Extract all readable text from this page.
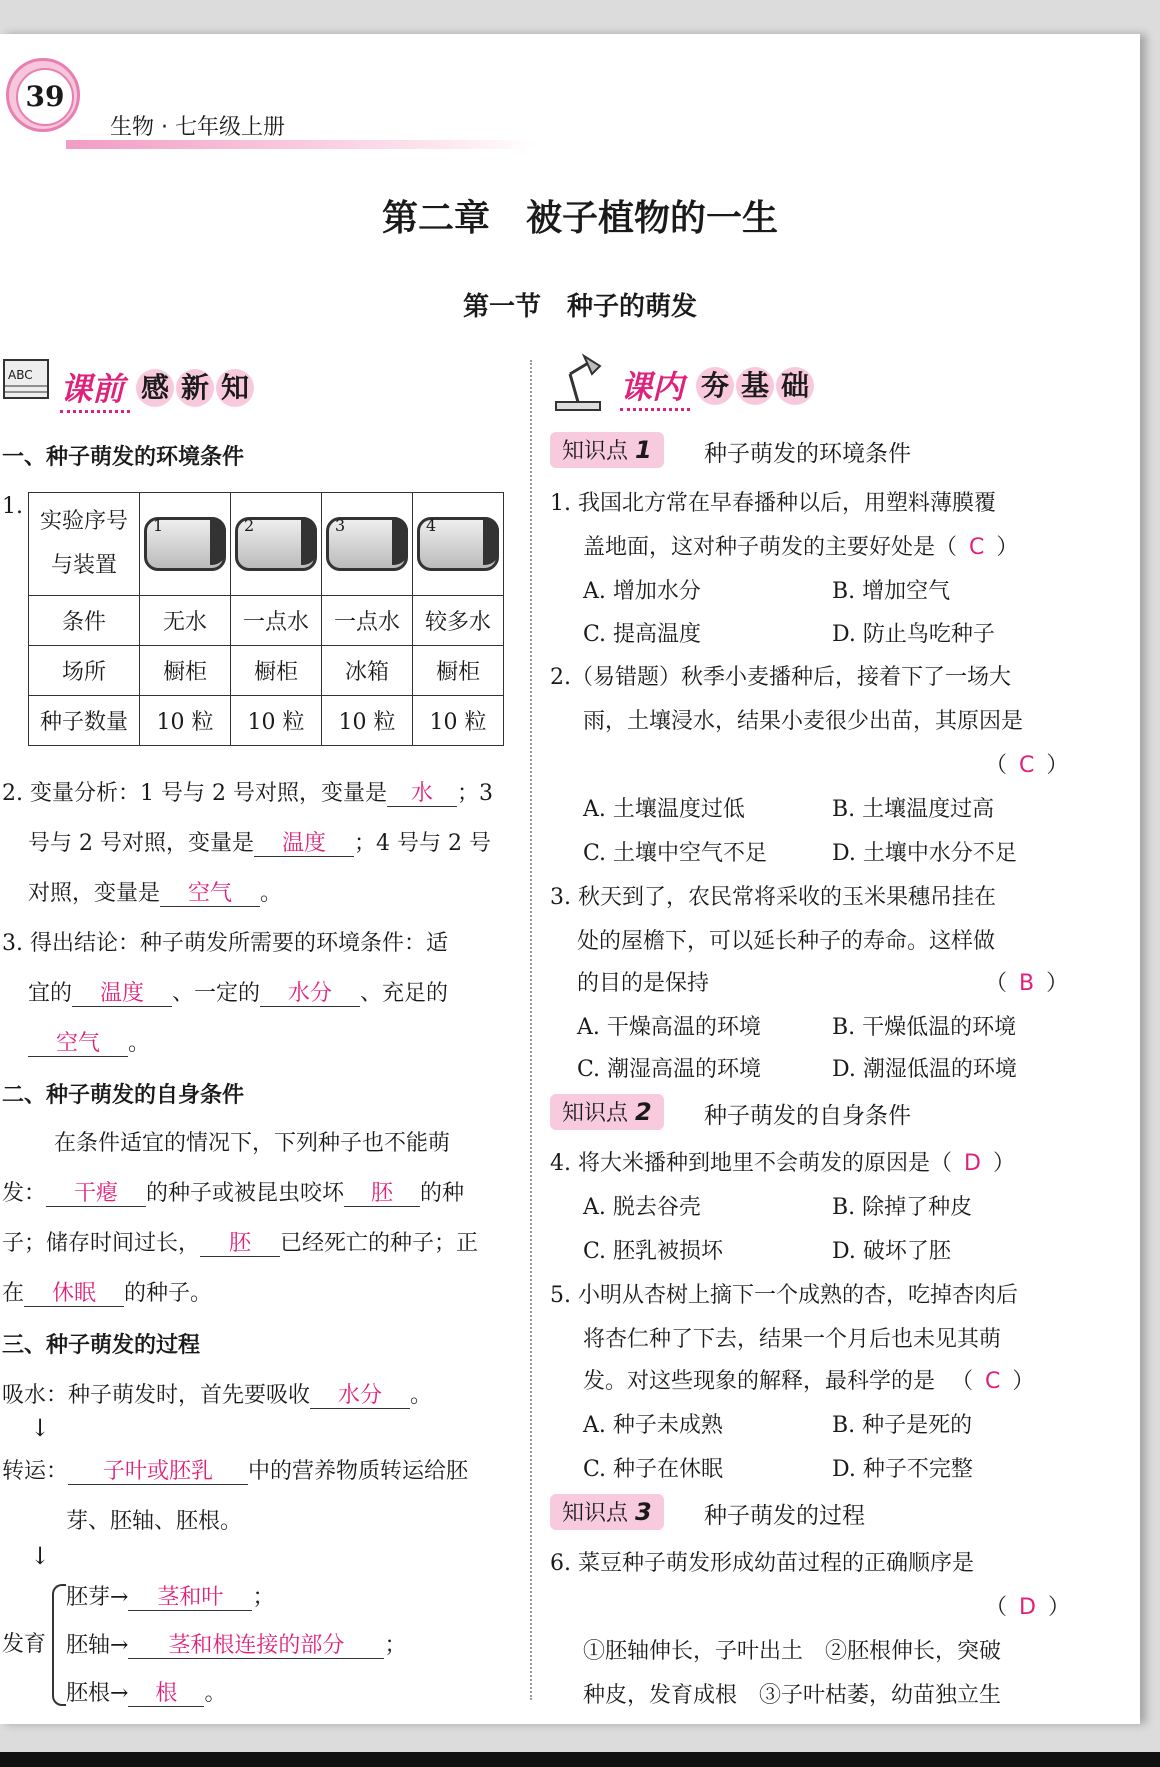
39
生物 · 七年级上册
第二章　被子植物的一生
第一节　种子的萌发
ABC 课前 感 新 知
一、种子萌发的环境条件
1.
实验序号
与装置	1	2	3	4

条件	无水	一点水	一点水	较多水
场所	橱柜	橱柜	冰箱	橱柜
种子数量	10 粒	10 粒	10 粒	10 粒
2. 变量分析：1 号与 2 号对照，变量是 水 ；3
号与 2 号对照，变量是 温度 ；4 号与 2 号
对照，变量是 空气 。
3. 得出结论：种子萌发所需要的环境条件：适
宜的 温度 、一定的 水分 、充足的
空气 。
二、种子萌发的自身条件
在条件适宜的情况下，下列种子也不能萌
发： 干瘪 的种子或被昆虫咬坏 胚 的种
子；储存时间过长， 胚 已经死亡的种子；正
在 休眠 的种子。
三、种子萌发的过程
吸水：种子萌发时，首先要吸收 水分 。
↓
转运： 子叶或胚乳 中的营养物质转运给胚
芽、胚轴、胚根。
↓
发育
胚芽→ 茎和叶 ；
胚轴→ 茎和根连接的部分 ；
胚根→ 根 。
课内 夯 基 础
知识点 1	种子萌发的环境条件
1. 我国北方常在早春播种以后，用塑料薄膜覆
盖地面，这对种子萌发的主要好处是（ C ）
A. 增加水分	B. 增加空气
C. 提高温度	D. 防止鸟吃种子
2.（易错题）秋季小麦播种后，接着下了一场大
雨，土壤浸水，结果小麦很少出苗，其原因是
（ C ）
A. 土壤温度过低	B. 土壤温度过高
C. 土壤中空气不足	D. 土壤中水分不足
3. 秋天到了，农民常将采收的玉米果穗吊挂在
处的屋檐下，可以延长种子的寿命。这样做
的目的是保持	（ B ）
A. 干燥高温的环境	B. 干燥低温的环境
C. 潮湿高温的环境	D. 潮湿低温的环境
知识点 2	种子萌发的自身条件
4. 将大米播种到地里不会萌发的原因是（ D ）
A. 脱去谷壳	B. 除掉了种皮
C. 胚乳被损坏	D. 破坏了胚
5. 小明从杏树上摘下一个成熟的杏，吃掉杏肉后
将杏仁种了下去，结果一个月后也未见其萌
发。对这些现象的解释，最科学的是 （ C ）
A. 种子未成熟	B. 种子是死的
C. 种子在休眠	D. 种子不完整
知识点 3	种子萌发的过程
6. 菜豆种子萌发形成幼苗过程的正确顺序是
（ D ）
①胚轴伸长，子叶出土　②胚根伸长，突破
种皮，发育成根　③子叶枯萎，幼苗独立生
